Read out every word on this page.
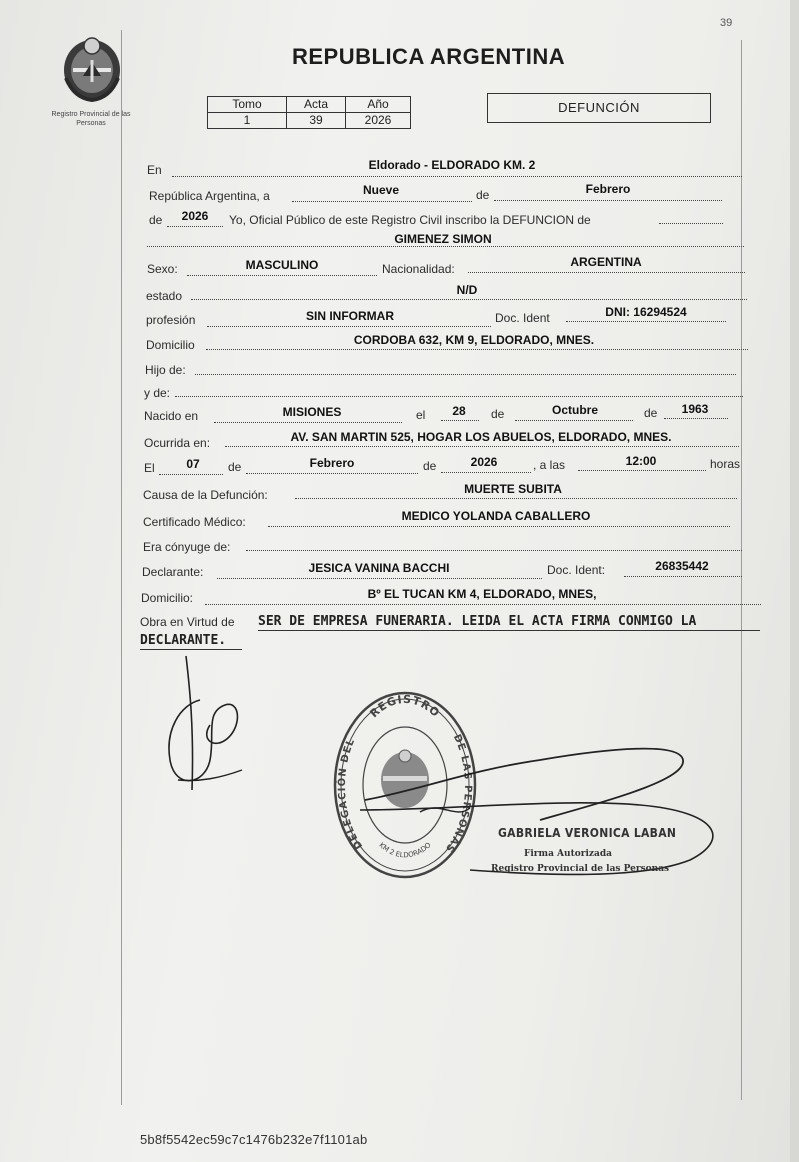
39
Registro Provincial de las Personas
REPUBLICA ARGENTINA
Tomo	Acta	Año
1	39	2026
DEFUNCIÓN
En	Eldorado - ELDORADO KM. 2
República Argentina, a	Nueve	de	Febrero
de 2026 Yo, Oficial Público de este Registro Civil inscribo la DEFUNCION de
GIMENEZ SIMON
Sexo:	MASCULINO	Nacionalidad:	ARGENTINA
estado	N/D
profesión	SIN INFORMAR	Doc. Ident	DNI: 16294524
Domicilio	CORDOBA 632, KM 9, ELDORADO, MNES.
Hijo de:
y de:
Nacido en	MISIONES	el 28 de	Octubre	de 1963
Ocurrida en:	AV. SAN MARTIN 525, HOGAR LOS ABUELOS, ELDORADO, MNES.
El	07 de	Febrero	de	2026	, a las	12:00	horas
Causa de la Defunción:	MUERTE SUBITA
Certificado Médico:	MEDICO YOLANDA CABALLERO
Era cónyuge de:
Declarante:	JESICA VANINA BACCHI	Doc. Ident:	26835442
Domicilio:	Bº EL TUCAN KM 4, ELDORADO, MNES,
Obra en Virtud de SER DE EMPRESA FUNERARIA. LEIDA EL ACTA FIRMA CONMIGO LA
DECLARANTE.
REGISTRO
DELEGACIÓN DEL	DE LAS PERSONAS
KM 2 ELDORADO
GABRIELA VERONICA LABAN
Firma Autorizada
Registro Provincial de las Personas
5b8f5542ec59c7c1476b232e7f1101ab
